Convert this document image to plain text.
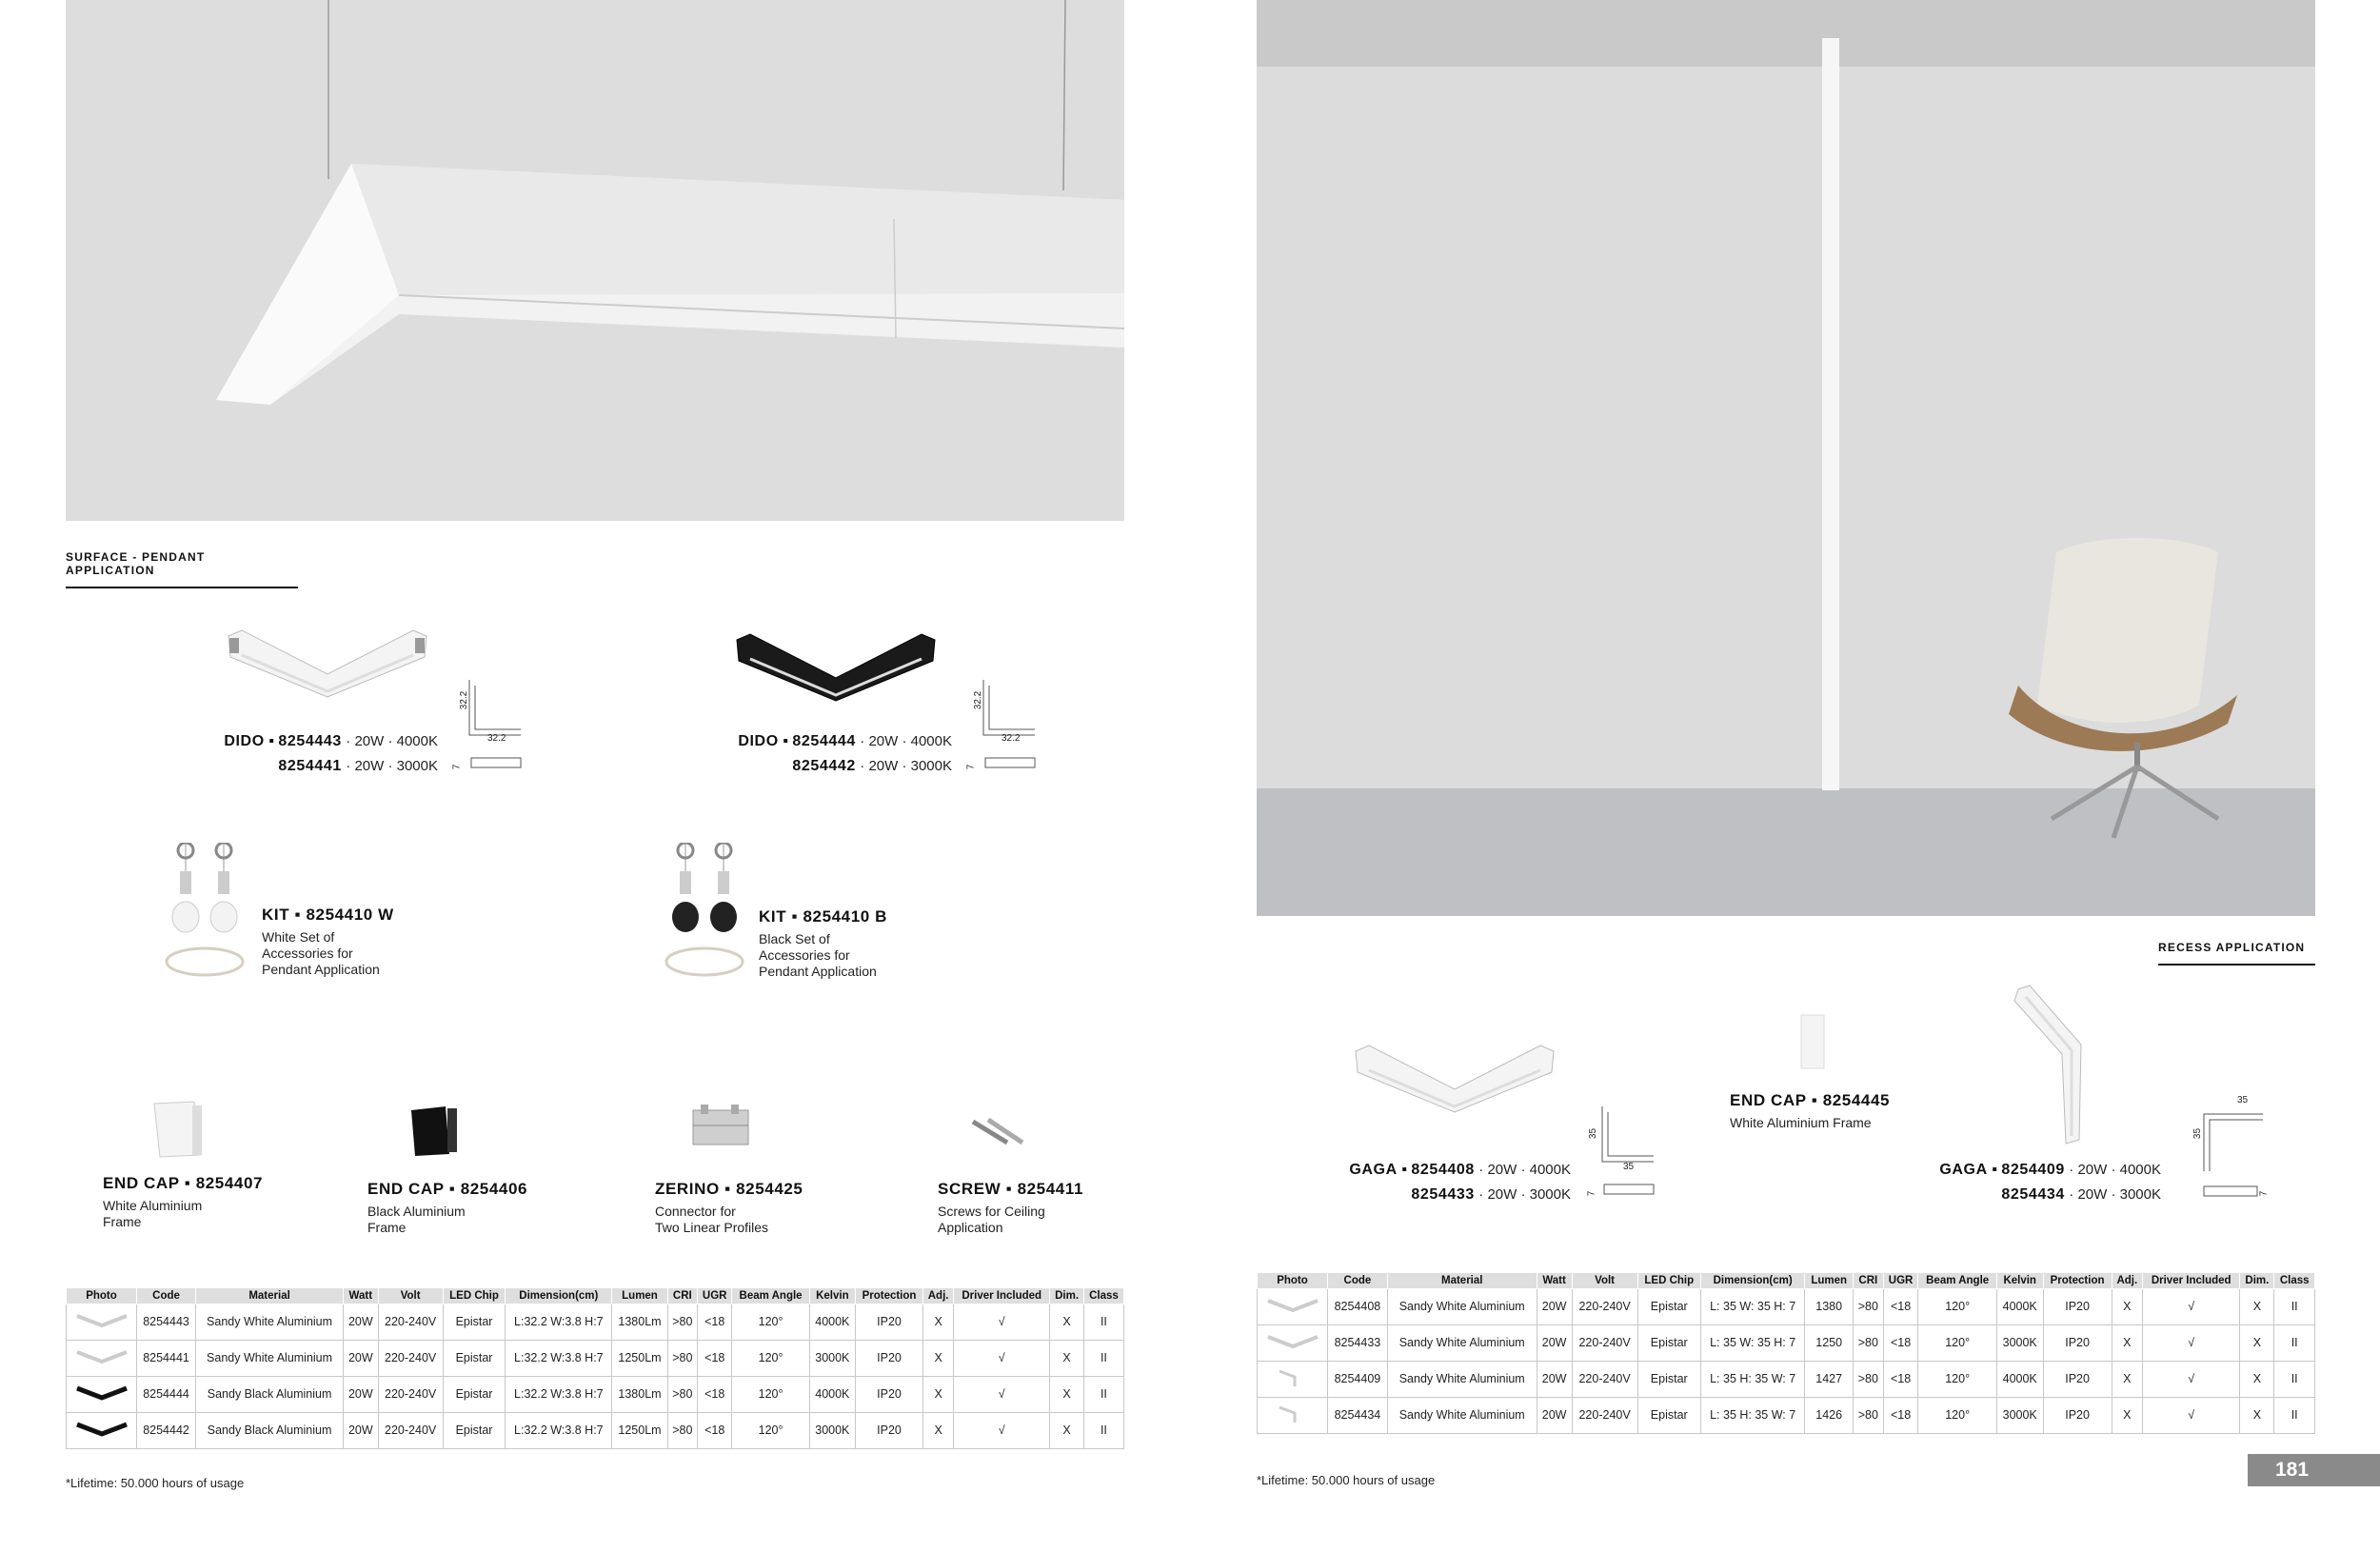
SURFACE - PENDANT APPLICATION
DIDO ▪ 8254443 · 20W · 4000K
8254441 · 20W · 3000K
32.2
32.2
7
DIDO ▪ 8254444 · 20W · 4000K
8254442 · 20W · 3000K
32.2
32.2
7
KIT ▪ 8254410 W
White Set of
Accessories for
Pendant Application
KIT ▪ 8254410 B
Black Set of
Accessories for
Pendant Application
END CAP ▪ 8254407
White Aluminium
Frame
END CAP ▪ 8254406
Black Aluminium
Frame
ZERINO ▪ 8254425
Connector for
Two Linear Profiles
SCREW ▪ 8254411
Screws for Ceiling
Application
Photo	Code	Material	Watt	Volt	LED Chip	Dimension(cm)	Lumen	CRI	UGR	Beam Angle	Kelvin	Protection	Adj.	Driver Included	Dim.	Class
	8254443	Sandy White Aluminium	20W	220-240V	Epistar	L:32.2 W:3.8 H:7	1380Lm	>80	<18	120°	4000K	IP20	X	√	X	II
	8254441	Sandy White Aluminium	20W	220-240V	Epistar	L:32.2 W:3.8 H:7	1250Lm	>80	<18	120°	3000K	IP20	X	√	X	II
	8254444	Sandy Black Aluminium	20W	220-240V	Epistar	L:32.2 W:3.8 H:7	1380Lm	>80	<18	120°	4000K	IP20	X	√	X	II
	8254442	Sandy Black Aluminium	20W	220-240V	Epistar	L:32.2 W:3.8 H:7	1250Lm	>80	<18	120°	3000K	IP20	X	√	X	II
*Lifetime: 50.000 hours of usage
RECESS APPLICATION
GAGA ▪ 8254408 · 20W · 4000K
8254433 · 20W · 3000K
35
35
7
END CAP ▪ 8254445
White Aluminium Frame
GAGA ▪ 8254409 · 20W · 4000K
8254434 · 20W · 3000K
35
35
7
Photo	Code	Material	Watt	Volt	LED Chip	Dimension(cm)	Lumen	CRI	UGR	Beam Angle	Kelvin	Protection	Adj.	Driver Included	Dim.	Class
	8254408	Sandy White Aluminium	20W	220-240V	Epistar	L: 35 W: 35 H: 7	1380	>80	<18	120°	4000K	IP20	X	√	X	II
	8254433	Sandy White Aluminium	20W	220-240V	Epistar	L: 35 W: 35 H: 7	1250	>80	<18	120°	3000K	IP20	X	√	X	II
	8254409	Sandy White Aluminium	20W	220-240V	Epistar	L: 35 H: 35 W: 7	1427	>80	<18	120°	4000K	IP20	X	√	X	II
	8254434	Sandy White Aluminium	20W	220-240V	Epistar	L: 35 H: 35 W: 7	1426	>80	<18	120°	3000K	IP20	X	√	X	II
*Lifetime: 50.000 hours of usage	181
